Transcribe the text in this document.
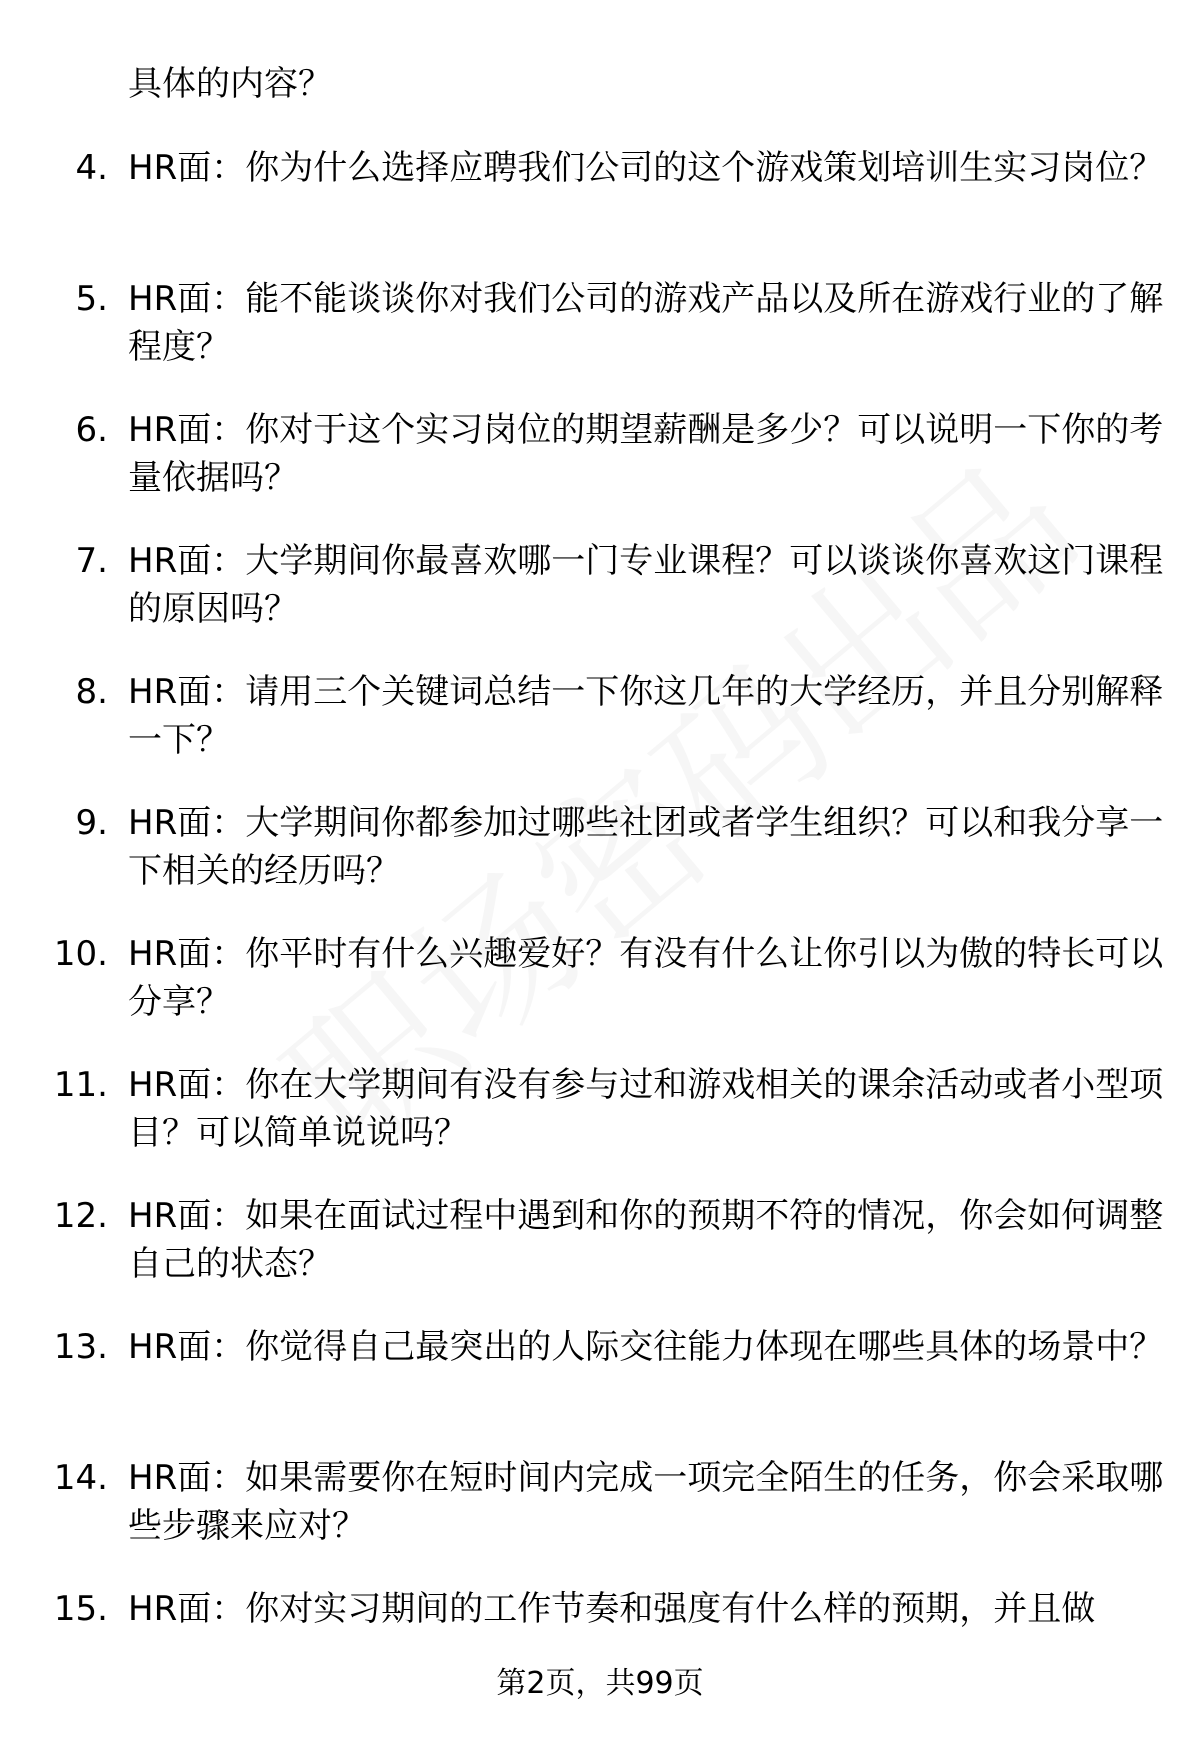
具体的内容？
4. HR面：你为什么选择应聘我们公司的这个游戏策划培训生实习岗位？
5. HR面：能不能谈谈你对我们公司的游戏产品以及所在游戏行业的了解程度？
6. HR面：你对于这个实习岗位的期望薪酬是多少？可以说明一下你的考量依据吗？
7. HR面：大学期间你最喜欢哪一门专业课程？可以谈谈你喜欢这门课程的原因吗？
8. HR面：请用三个关键词总结一下你这几年的大学经历，并且分别解释一下？
9. HR面：大学期间你都参加过哪些社团或者学生组织？可以和我分享一下相关的经历吗？
10. HR面：你平时有什么兴趣爱好？有没有什么让你引以为傲的特长可以分享？
11. HR面：你在大学期间有没有参与过和游戏相关的课余活动或者小型项目？可以简单说说吗？
12. HR面：如果在面试过程中遇到和你的预期不符的情况，你会如何调整自己的状态？
13. HR面：你觉得自己最突出的人际交往能力体现在哪些具体的场景中？
14. HR面：如果需要你在短时间内完成一项完全陌生的任务，你会采取哪些步骤来应对？
15. HR面：你对实习期间的工作节奏和强度有什么样的预期，并且做
第2页，共99页
